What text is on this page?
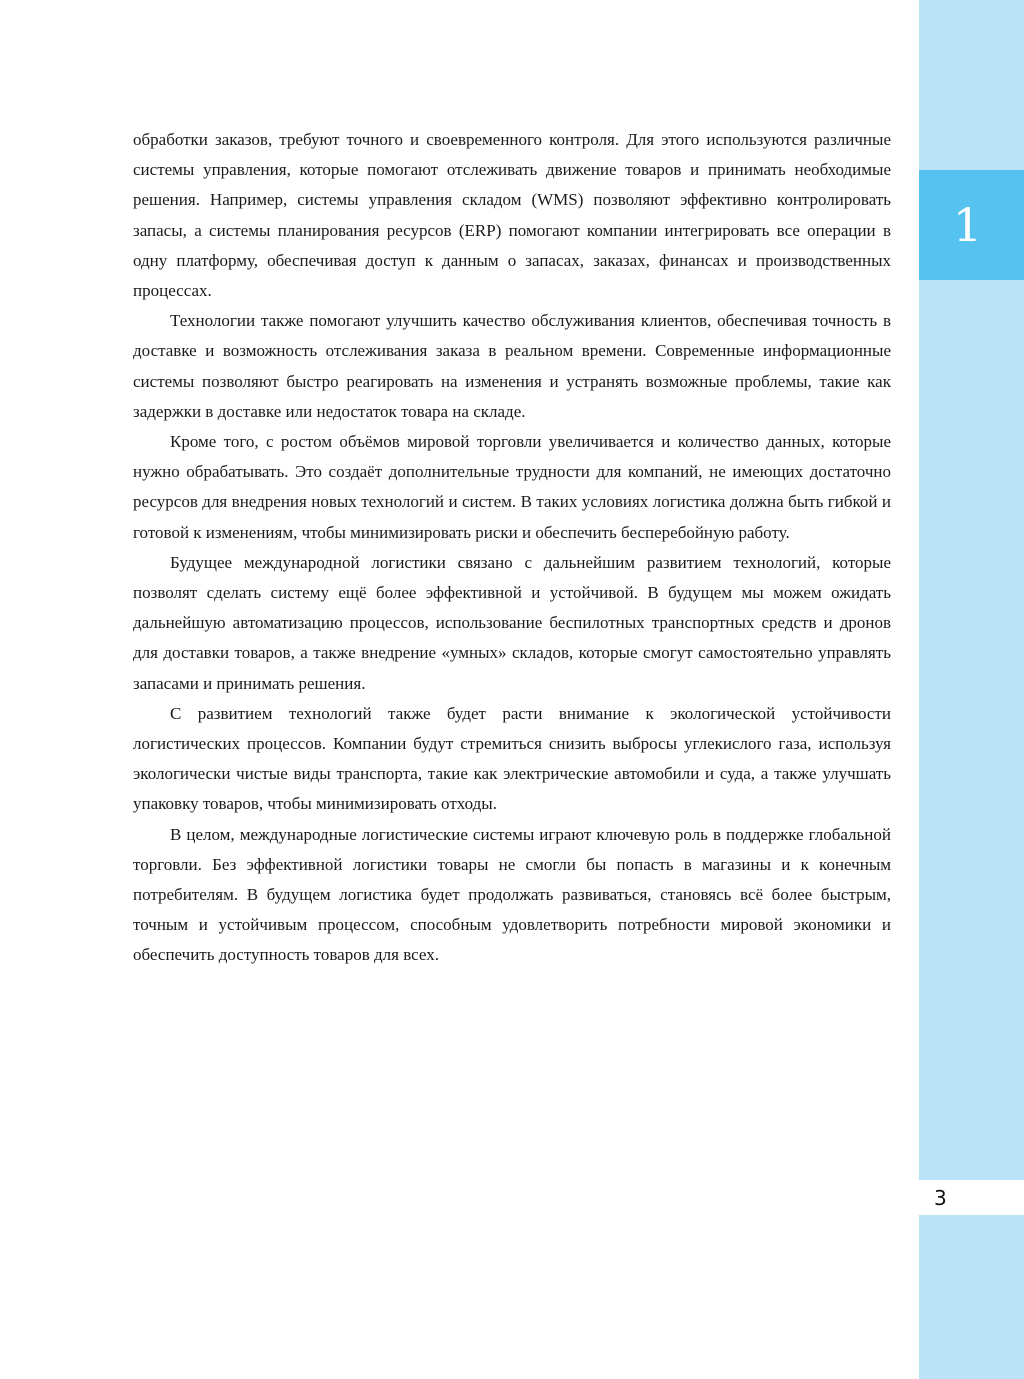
1
3

обработки заказов, требуют точного и своевременного контроля. Для этого используются различные системы управления, которые помогают отслеживать движение товаров и принимать необходимые решения. Например, системы управления складом (WMS) позволяют эффективно контролировать запасы, а системы планирования ресурсов (ERP) помогают компании интегрировать все операции в одну платформу, обеспечивая доступ к данным о запасах, заказах, финансах и производственных процессах.

Технологии также помогают улучшить качество обслуживания клиентов, обеспечивая точность в доставке и возможность отслеживания заказа в реальном времени. Современные информационные системы позволяют быстро реагировать на изменения и устранять возможные проблемы, такие как задержки в доставке или недостаток товара на складе.

Кроме того, с ростом объёмов мировой торговли увеличивается и количество данных, которые нужно обрабатывать. Это создаёт дополнительные трудности для компаний, не имеющих достаточно ресурсов для внедрения новых технологий и систем. В таких условиях логистика должна быть гибкой и готовой к изменениям, чтобы минимизировать риски и обеспечить бесперебойную работу.

Будущее международной логистики связано с дальнейшим развитием технологий, которые позволят сделать систему ещё более эффективной и устойчивой. В будущем мы можем ожидать дальнейшую автоматизацию процессов, использование беспилотных транспортных средств и дронов для доставки товаров, а также внедрение «умных» складов, которые смогут самостоятельно управлять запасами и принимать решения.

С развитием технологий также будет расти внимание к экологической устойчивости логистических процессов. Компании будут стремиться снизить выбросы углекислого газа, используя экологически чистые виды транспорта, такие как электрические автомобили и суда, а также улучшать упаковку товаров, чтобы минимизировать отходы.

В целом, международные логистические системы играют ключевую роль в поддержке глобальной торговли. Без эффективной логистики товары не смогли бы попасть в магазины и к конечным потребителям. В будущем логистика будет продолжать развиваться, становясь всё более быстрым, точным и устойчивым процессом, способным удовлетворить потребности мировой экономики и обеспечить доступность товаров для всех.
